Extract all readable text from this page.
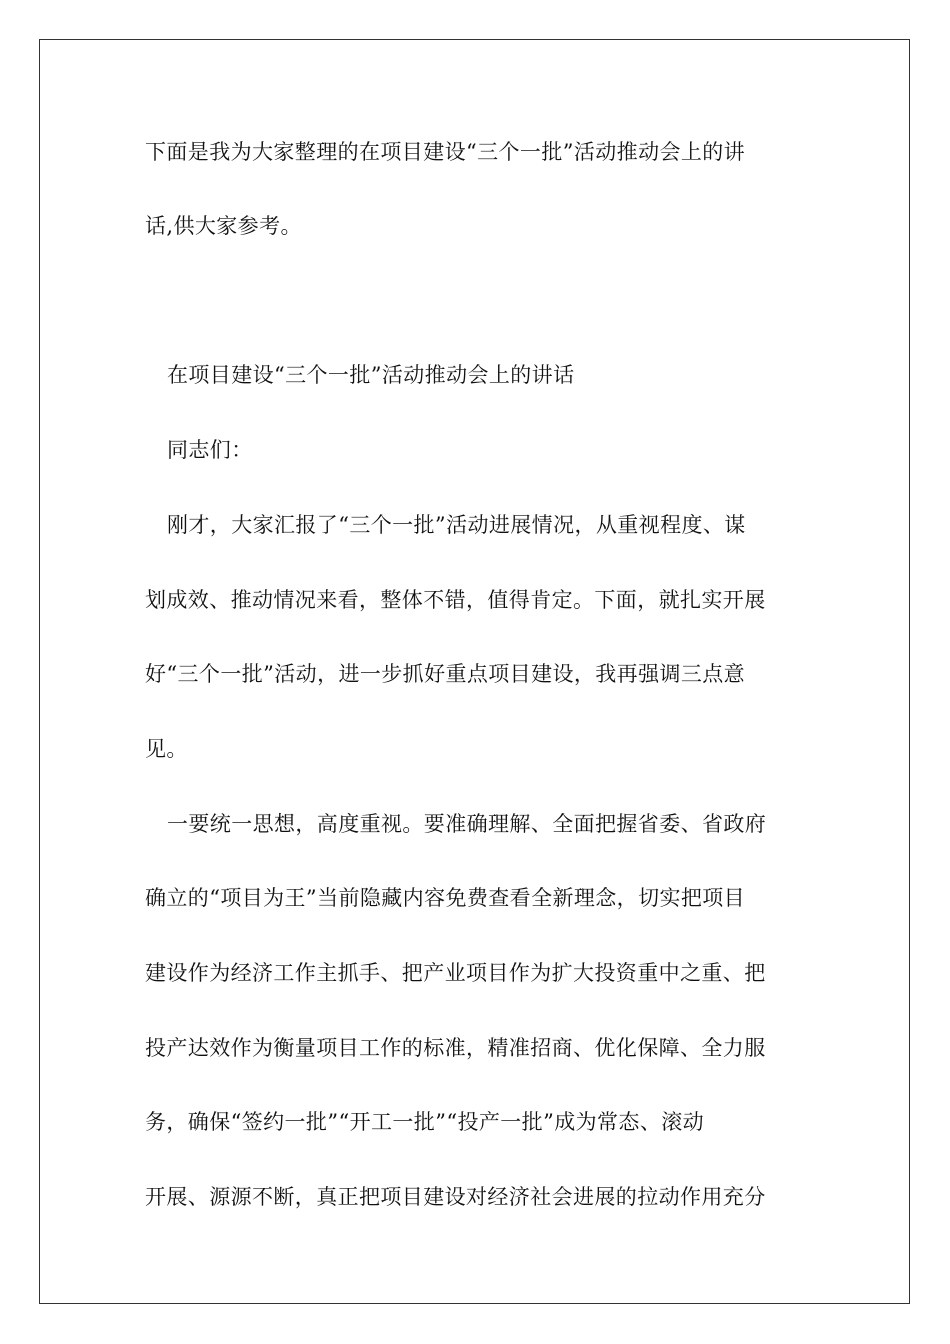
下面是我为大家整理的在项目建设“三个一批”活动推动会上的讲
话,供大家参考。
在项目建设“三个一批”活动推动会上的讲话
同志们：
刚才，大家汇报了“三个一批”活动进展情况，从重视程度、谋
划成效、推动情况来看，整体不错，值得肯定。下面，就扎实开展
好“三个一批”活动，进一步抓好重点项目建设，我再强调三点意
见。
一要统一思想，高度重视。要准确理解、全面把握省委、省政府
确立的“项目为王”当前隐藏内容免费查看全新理念，切实把项目
建设作为经济工作主抓手、把产业项目作为扩大投资重中之重、把
投产达效作为衡量项目工作的标准，精准招商、优化保障、全力服
务，确保“签约一批”“开工一批”“投产一批”成为常态、滚动
开展、源源不断，真正把项目建设对经济社会进展的拉动作用充分
